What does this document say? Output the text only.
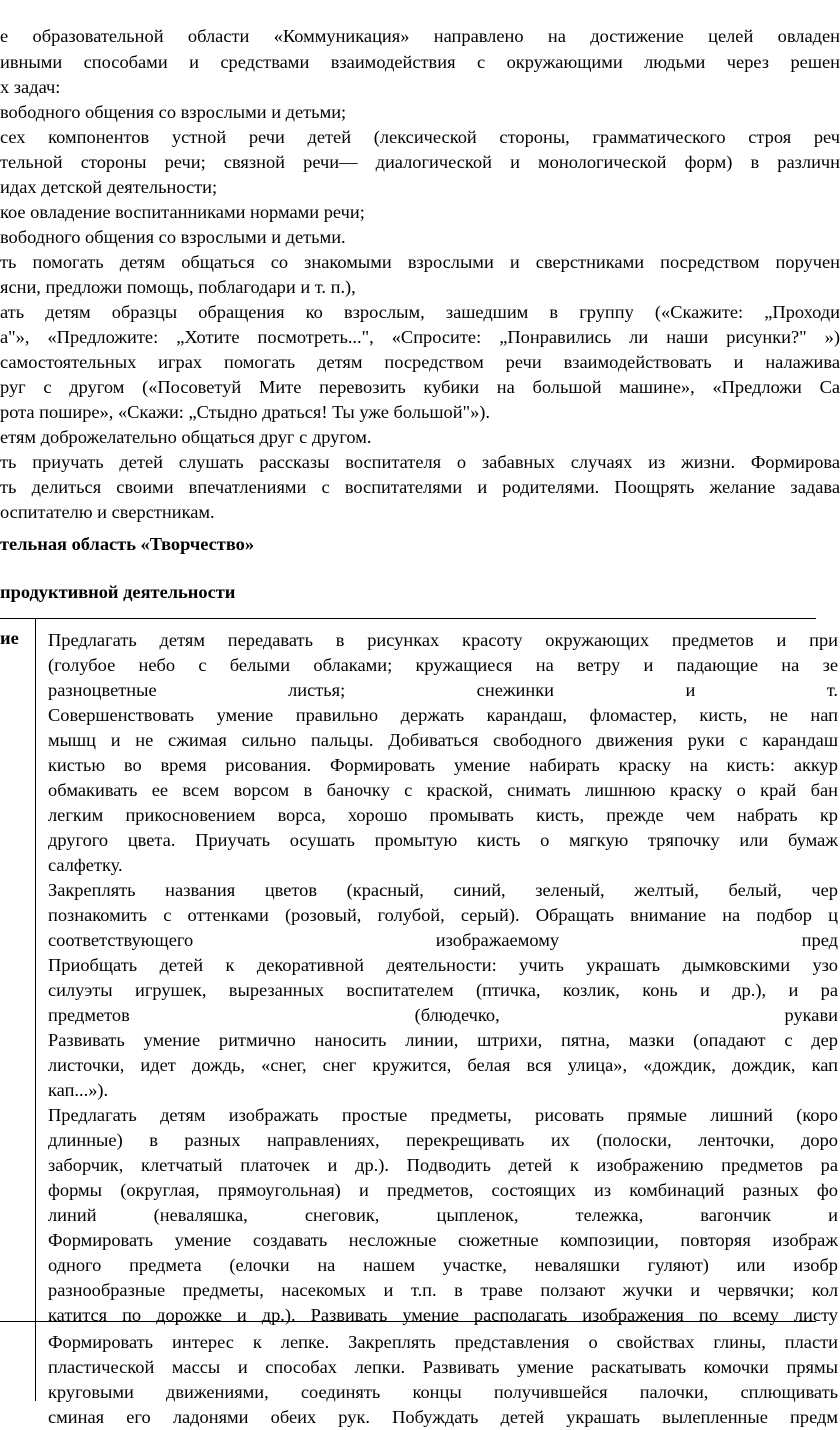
е образовательной области «Коммуникация» направлено на достижение целей овладен
ивными способами и средствами взаимодействия с окружающими людьми через решен
х задач:
вободного общения со взрослыми и детьми;
сех компонентов устной речи детей (лексической стороны, грамматического строя реч
тельной стороны речи; связной речи— диалогической и монологической форм) в различн
идах детской деятельности;
кое овладение воспитанниками нормами речи;
вободного общения со взрослыми и детьми.
ть помогать детям общаться со знакомыми взрослыми и сверстниками посредством поручен
ясни, предложи помощь, поблагодари и т. п.),
ать детям образцы обращения ко взрослым, зашедшим в группу («Скажите: „Проходи
а"», «Предложите: „Хотите посмотреть...", «Спросите: „Понравились ли наши рисунки?" »)
самостоятельных играх помогать детям посредством речи взаимодействовать и налажива
руг с другом («Посоветуй Мите перевозить кубики на большой машине», «Предложи Са
рота пошире», «Скажи: „Стыдно драться! Ты уже большой"»).
етям доброжелательно общаться друг с другом.
ть приучать детей слушать рассказы воспитателя о забавных случаях из жизни. Формирова
ть делиться своими впечатлениями с воспитателями и родителями. Поощрять желание задава
оспитателю и сверстникам.
тельная область «Творчество»
продуктивной деятельности
ие Предлагать детям передавать в рисунках красоту окружающих предметов и при
(голубое небо с белыми облаками; кружащиеся на ветру и падающие на зе
разноцветные листья; снежинки и т.
Совершенствовать умение правильно держать карандаш, фломастер, кисть, не нап
мышц и не сжимая сильно пальцы. Добиваться свободного движения руки с карандаш
кистью во время рисования. Формировать умение набирать краску на кисть: аккур
обмакивать ее всем ворсом в баночку с краской, снимать лишнюю краску о край бан
легким прикосновением ворса, хорошо промывать кисть, прежде чем набрать кр
другого цвета. Приучать осушать промытую кисть о мягкую тряпочку или бумаж
салфетку.
Закреплять названия цветов (красный, синий, зеленый, желтый, белый, чер
познакомить с оттенками (розовый, голубой, серый). Обращать внимание на подбор ц
соответствующего изображаемому пред
Приобщать детей к декоративной деятельности: учить украшать дымковскими узо
силуэты игрушек, вырезанных воспитателем (птичка, козлик, конь и др.), и ра
предметов (блюдечко, рукави
Развивать умение ритмично наносить линии, штрихи, пятна, мазки (опадают с дер
листочки, идет дождь, «снег, снег кружится, белая вся улица», «дождик, дождик, кап
кап...»).
Предлагать детям изображать простые предметы, рисовать прямые лишний (коро
длинные) в разных направлениях, перекрещивать их (полоски, ленточки, доро
заборчик, клетчатый платочек и др.). Подводить детей к изображению предметов ра
формы (округлая, прямоугольная) и предметов, состоящих из комбинаций разных фо
линий (неваляшка, снеговик, цыпленок, тележка, вагончик и
Формировать умение создавать несложные сюжетные композиции, повторяя изображ
одного предмета (елочки на нашем участке, неваляшки гуляют) или изобр
разнообразные предметы, насекомых и т.п. в траве ползают жучки и червячки; кол
катится по дорожке и др.). Развивать умение располагать изображения по всему листу
Формировать интерес к лепке. Закреплять представления о свойствах глины, пласти
пластической массы и способах лепки. Развивать умение раскатывать комочки прямы
круговыми движениями, соединять концы получившейся палочки, сплющивать
сминая его ладонями обеих рук. Побуждать детей украшать вылепленные предм
